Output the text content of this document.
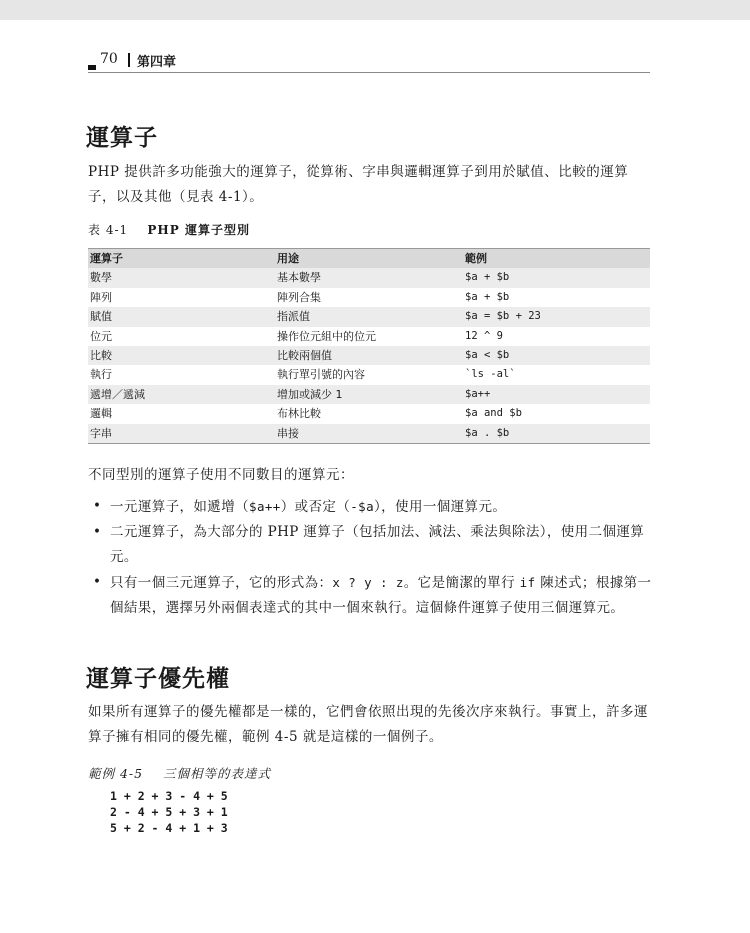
70 第四章
運算子

PHP 提供許多功能強大的運算子，從算術、字串與邏輯運算子到用於賦值、比較的運算子，以及其他（見表 4-1）。

表 4-1 PHP 運算子型別
運算子	用途	範例
數學	基本數學	$a + $b
陣列	陣列合集	$a + $b
賦值	指派值	$a = $b + 23
位元	操作位元組中的位元	12 ^ 9
比較	比較兩個值	$a < $b
執行	執行單引號的內容	`ls -al`
遞增／遞減	增加或減少 1	$a++
邏輯	布林比較	$a and $b
字串	串接	$a . $b

不同型別的運算子使用不同數目的運算元：

• 一元運算子，如遞增（$a++）或否定（-$a），使用一個運算元。
• 二元運算子，為大部分的 PHP 運算子（包括加法、減法、乘法與除法），使用二個運算元。
• 只有一個三元運算子，它的形式為：x ? y : z。它是簡潔的單行 if 陳述式；根據第一個結果，選擇另外兩個表達式的其中一個來執行。這個條件運算子使用三個運算元。
運算子優先權

如果所有運算子的優先權都是一樣的，它們會依照出現的先後次序來執行。事實上，許多運算子擁有相同的優先權，範例 4-5 就是這樣的一個例子。

範例 4-5 三個相等的表達式
1 + 2 + 3 - 4 + 5
2 - 4 + 5 + 3 + 1
5 + 2 - 4 + 1 + 3
